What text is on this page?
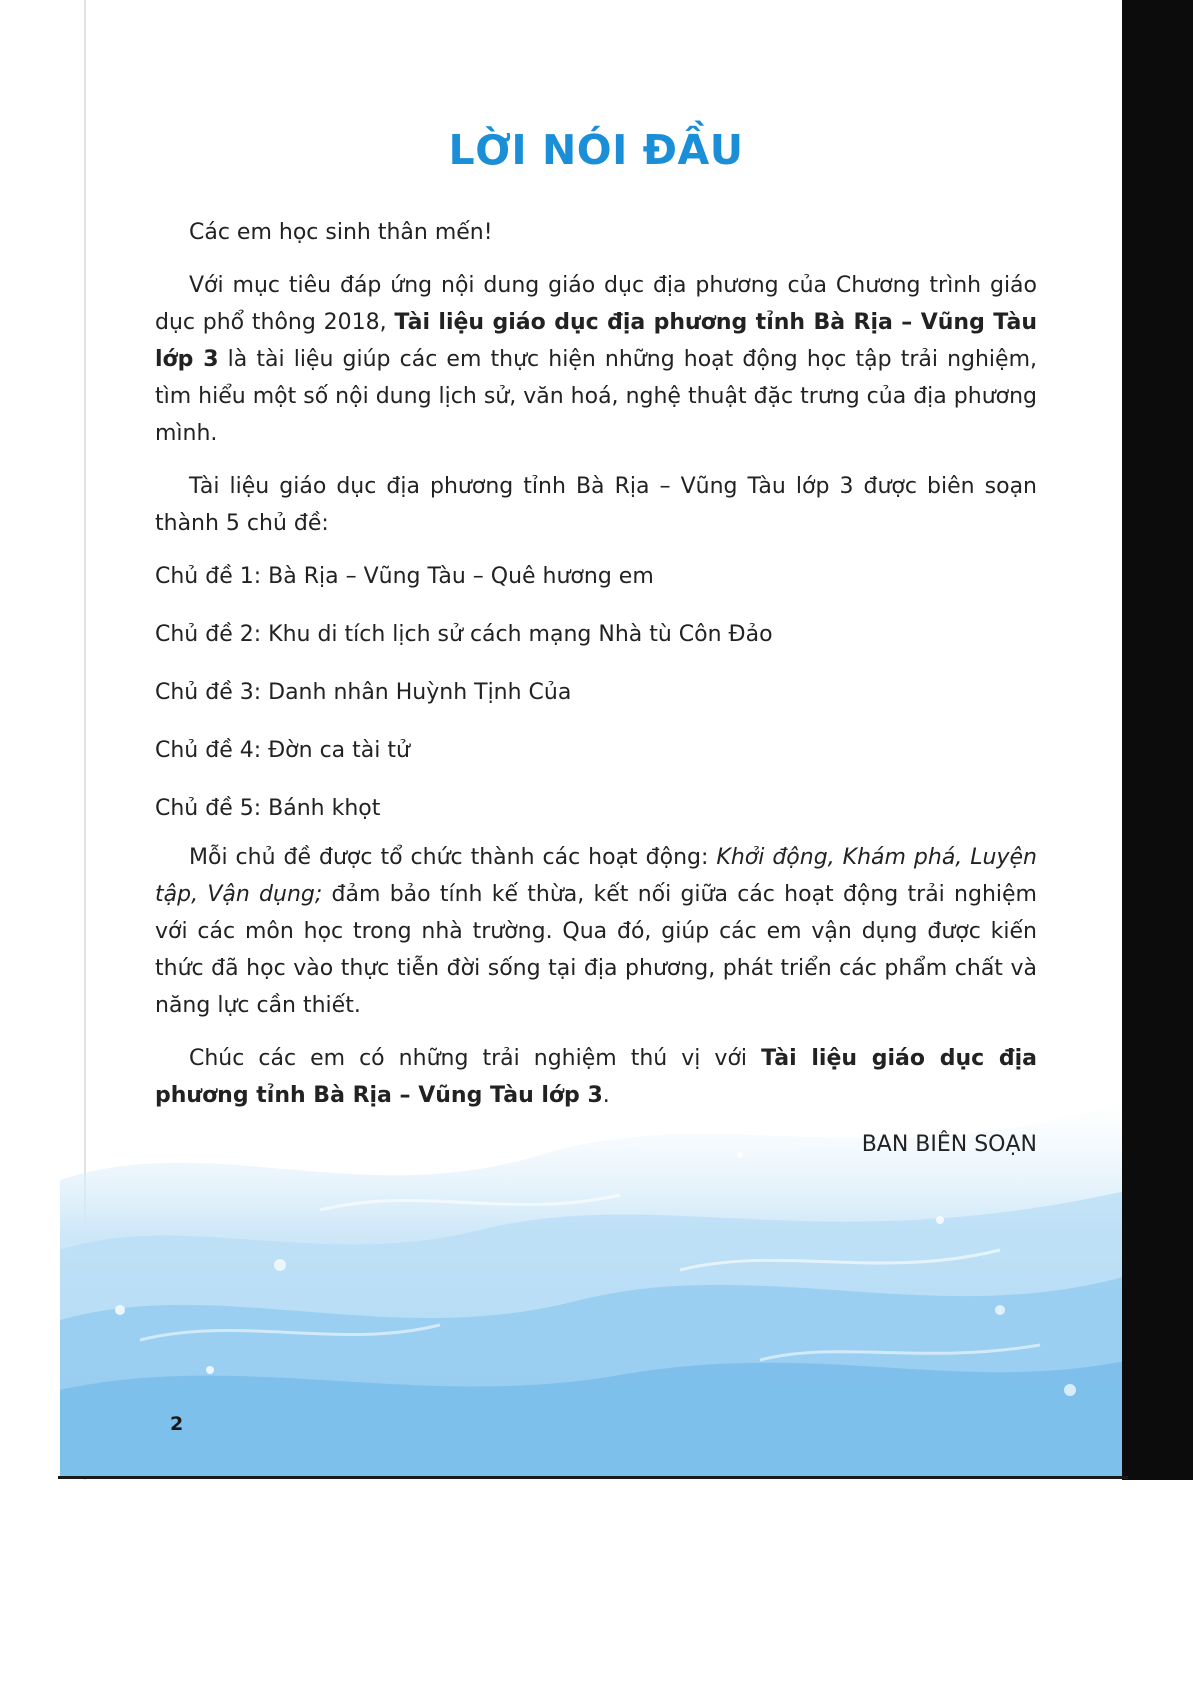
LỜI NÓI ĐẦU

Các em học sinh thân mến!

Với mục tiêu đáp ứng nội dung giáo dục địa phương của Chương trình giáo dục phổ thông 2018, Tài liệu giáo dục địa phương tỉnh Bà Rịa – Vũng Tàu lớp 3 là tài liệu giúp các em thực hiện những hoạt động học tập trải nghiệm, tìm hiểu một số nội dung lịch sử, văn hoá, nghệ thuật đặc trưng của địa phương mình.

Tài liệu giáo dục địa phương tỉnh Bà Rịa – Vũng Tàu lớp 3 được biên soạn thành 5 chủ đề:

Chủ đề 1: Bà Rịa – Vũng Tàu – Quê hương em
Chủ đề 2: Khu di tích lịch sử cách mạng Nhà tù Côn Đảo
Chủ đề 3: Danh nhân Huỳnh Tịnh Của
Chủ đề 4: Đờn ca tài tử
Chủ đề 5: Bánh khọt

Mỗi chủ đề được tổ chức thành các hoạt động: Khởi động, Khám phá, Luyện tập, Vận dụng; đảm bảo tính kế thừa, kết nối giữa các hoạt động trải nghiệm với các môn học trong nhà trường. Qua đó, giúp các em vận dụng được kiến thức đã học vào thực tiễn đời sống tại địa phương, phát triển các phẩm chất và năng lực cần thiết.

Chúc các em có những trải nghiệm thú vị với Tài liệu giáo dục địa phương tỉnh Bà Rịa – Vũng Tàu lớp 3.

BAN BIÊN SOẠN
2
